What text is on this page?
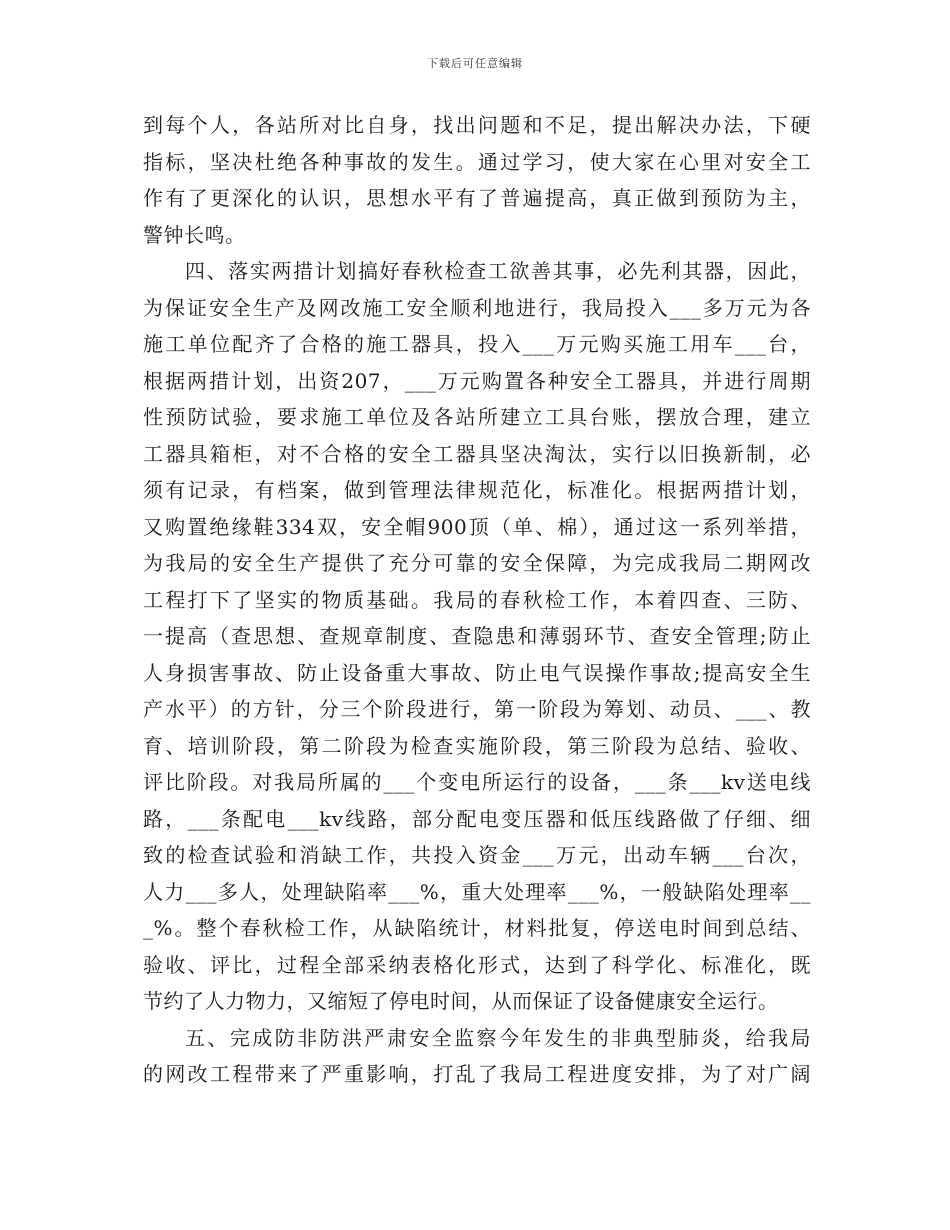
下载后可任意编辑
到每个人，各站所对比自身，找出问题和不足，提出解决办法，下硬
指标，坚决杜绝各种事故的发生。通过学习，使大家在心里对安全工
作有了更深化的认识，思想水平有了普遍提高，真正做到预防为主，
警钟长鸣。
四、落实两措计划搞好春秋检查工欲善其事，必先利其器，因此，
为保证安全生产及网改施工安全顺利地进行，我局投入___多万元为各
施工单位配齐了合格的施工器具，投入___万元购买施工用车___台，
根据两措计划，出资207，___万元购置各种安全工器具，并进行周期
性预防试验，要求施工单位及各站所建立工具台账，摆放合理，建立
工器具箱柜，对不合格的安全工器具坚决淘汰，实行以旧换新制，必
须有记录，有档案，做到管理法律规范化，标准化。根据两措计划，
又购置绝缘鞋334双，安全帽900顶（单、棉），通过这一系列举措，
为我局的安全生产提供了充分可靠的安全保障，为完成我局二期网改
工程打下了坚实的物质基础。我局的春秋检工作，本着四查、三防、
一提高（查思想、查规章制度、查隐患和薄弱环节、查安全管理;防止
人身损害事故、防止设备重大事故、防止电气误操作事故;提高安全生
产水平）的方针，分三个阶段进行，第一阶段为筹划、动员、___、教
育、培训阶段，第二阶段为检查实施阶段，第三阶段为总结、验收、
评比阶段。对我局所属的___个变电所运行的设备，___条___kv送电线
路，___条配电___kv线路，部分配电变压器和低压线路做了仔细、细
致的检查试验和消缺工作，共投入资金___万元，出动车辆___台次，
人力___多人，处理缺陷率___%，重大处理率___%，一般缺陷处理率__
_%。整个春秋检工作，从缺陷统计，材料批复，停送电时间到总结、
验收、评比，过程全部采纳表格化形式，达到了科学化、标准化，既
节约了人力物力，又缩短了停电时间，从而保证了设备健康安全运行。
五、完成防非防洪严肃安全监察今年发生的非典型肺炎，给我局
的网改工程带来了严重影响，打乱了我局工程进度安排，为了对广阔
